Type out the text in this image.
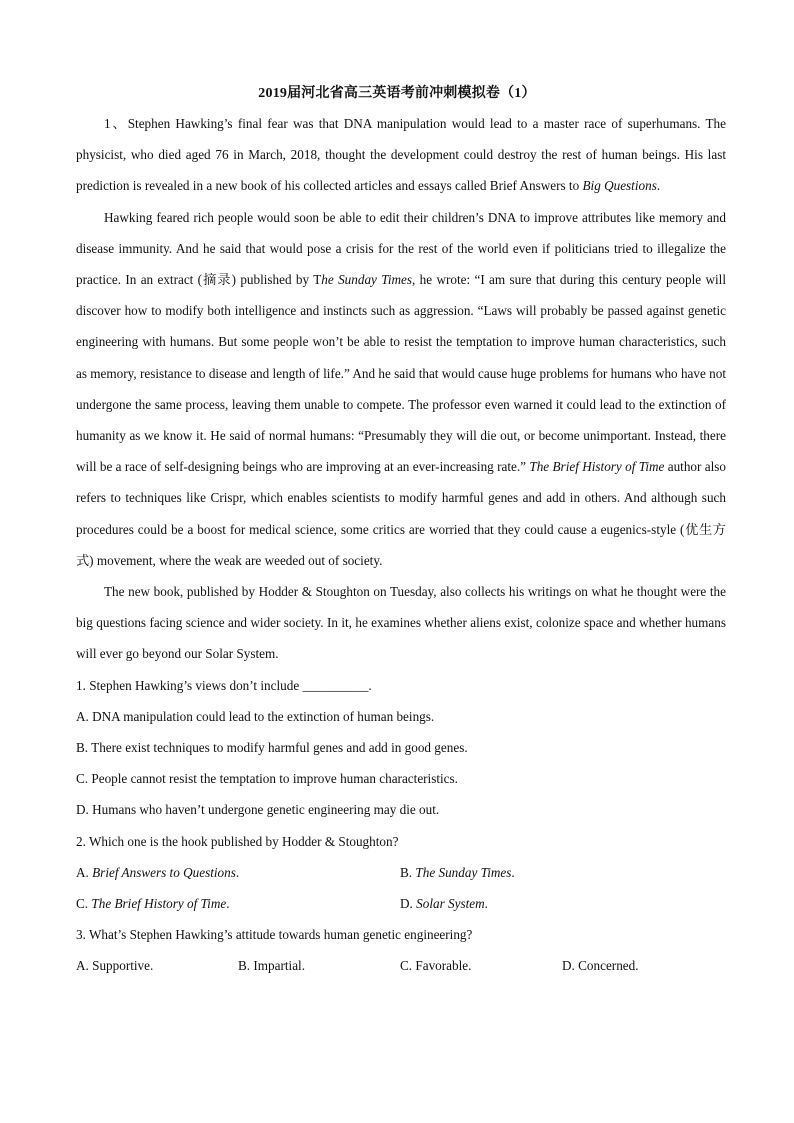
2019届河北省高三英语考前冲刺模拟卷（1）

1、Stephen Hawking’s final fear was that DNA manipulation would lead to a master race of superhumans. The physicist, who died aged 76 in March, 2018, thought the development could destroy the rest of human beings. His last prediction is revealed in a new book of his collected articles and essays called Brief Answers to Big Questions.

Hawking feared rich people would soon be able to edit their children’s DNA to improve attributes like memory and disease immunity. And he said that would pose a crisis for the rest of the world even if politicians tried to illegalize the practice. In an extract (摘录) published by The Sunday Times, he wrote: “I am sure that during this century people will discover how to modify both intelligence and instincts such as aggression. “Laws will probably be passed against genetic engineering with humans. But some people won’t be able to resist the temptation to improve human characteristics, such as memory, resistance to disease and length of life.” And he said that would cause huge problems for humans who have not undergone the same process, leaving them unable to compete. The professor even warned it could lead to the extinction of humanity as we know it. He said of normal humans: “Presumably they will die out, or become unimportant. Instead, there will be a race of self-designing beings who are improving at an ever-increasing rate.” The Brief History of Time author also refers to techniques like Crispr, which enables scientists to modify harmful genes and add in others. And although such procedures could be a boost for medical science, some critics are worried that they could cause a eugenics-style (优生方式) movement, where the weak are weeded out of society.

The new book, published by Hodder & Stoughton on Tuesday, also collects his writings on what he thought were the big questions facing science and wider society. In it, he examines whether aliens exist, colonize space and whether humans will ever go beyond our Solar System.

1. Stephen Hawking’s views don’t include __________.

A. DNA manipulation could lead to the extinction of human beings.

B. There exist techniques to modify harmful genes and add in good genes.

C. People cannot resist the temptation to improve human characteristics.

D. Humans who haven’t undergone genetic engineering may die out.

2. Which one is the hook published by Hodder & Stoughton?

A. Brief Answers to Questions.	B. The Sunday Times.
C. The Brief History of Time.	D. Solar System.

3. What’s Stephen Hawking’s attitude towards human genetic engineering?

A. Supportive.	B. Impartial.	C. Favorable.	D. Concerned.
